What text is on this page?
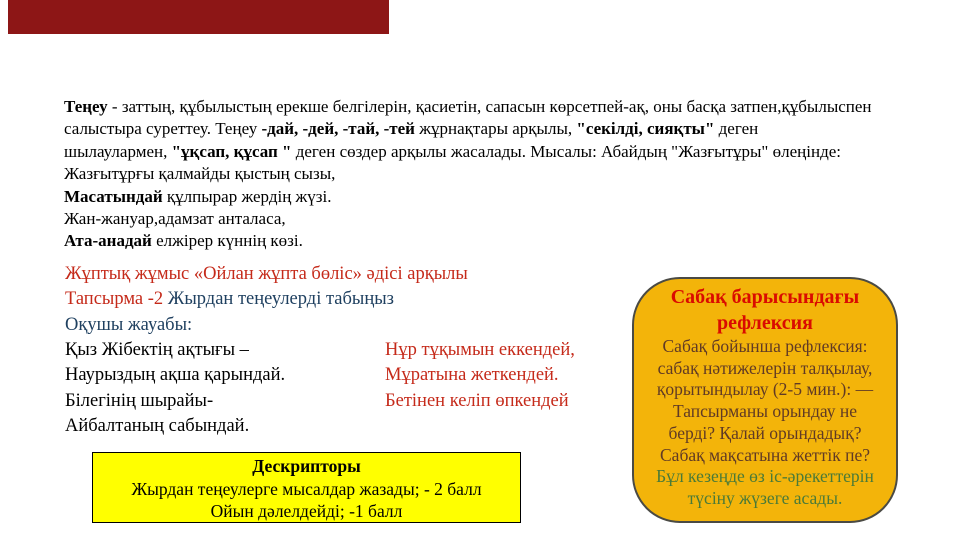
Теңеу - заттың, құбылыстың ерекше белгілерін, қасиетін, сапасын көрсетпей-ақ, оны басқа затпен,құбылыспен
салыстыра суреттеу. Теңеу -дай, -дей, -тай, -тей жұрнақтары арқылы, "секілді, сияқты" деген
шылаулармен, "ұқсап, құсап " деген сөздер арқылы жасалады. Мысалы: Абайдың "Жазғытұры" өлеңінде:
Жазғытұрғы қалмайды қыстың сызы,
Масатындай құлпырар жердің жүзі.
Жан-жануар,адамзат анталаса,
Ата-анадай елжірер күннің көзі.
Жұптық жұмыс «Ойлан жұпта бөліс» әдісі арқылы
Тапсырма -2 Жырдан теңеулерді табыңыз
Оқушы жауабы:
Қыз Жібектің ақтығы –	Нұр тұқымын еккендей,
Наурыздың ақша қарындай.	Мұратына жеткендей.
Білегінің шырайы-	Бетінен келіп өпкендей
Айбалтаның сабындай.
Дескрипторы
Жырдан теңеулерге мысалдар жазады; - 2 балл
Ойын дәлелдейді; -1 балл
Сабақ барысындағы
рефлексия
Сабақ бойынша рефлексия:
сабақ нәтижелерін талқылау,
қорытындылау (2-5 мин.): —
Тапсырманы орындау не
берді? Қалай орындадық?
Сабақ мақсатына жеттік пе?
Бұл кезеңде өз іс-әрекеттерін
түсіну жүзеге асады.
